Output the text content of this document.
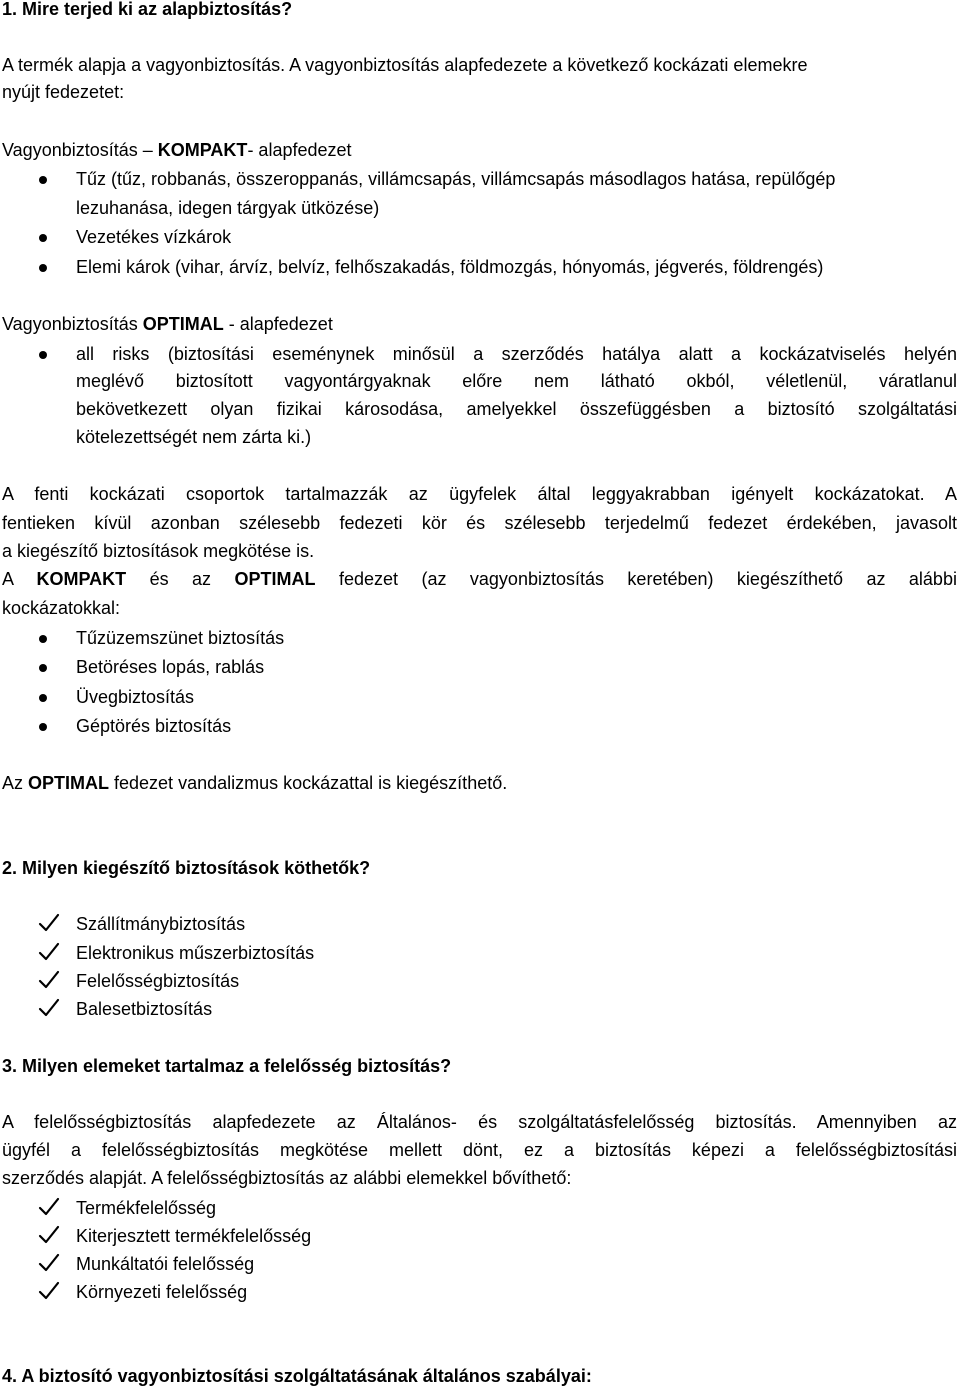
1. Mire terjed ki az alapbiztosítás?
A termék alapja a vagyonbiztosítás. A vagyonbiztosítás alapfedezete a következő kockázati elemekre
nyújt fedezetet:
Vagyonbiztosítás – KOMPAKT- alapfedezet
Tűz (tűz, robbanás, összeroppanás, villámcsapás, villámcsapás másodlagos hatása, repülőgép
lezuhanása, idegen tárgyak ütközése)
Vezetékes vízkárok
Elemi károk (vihar, árvíz, belvíz, felhőszakadás, földmozgás, hónyomás, jégverés, földrengés)
Vagyonbiztosítás OPTIMAL - alapfedezet
all risks (biztosítási eseménynek minősül a szerződés hatálya alatt a kockázatviselés helyén
meglévő biztosított vagyontárgyaknak előre nem látható okból, véletlenül, váratlanul
bekövetkezett olyan fizikai károsodása, amelyekkel összefüggésben a biztosító szolgáltatási
kötelezettségét nem zárta ki.)
A fenti kockázati csoportok tartalmazzák az ügyfelek által leggyakrabban igényelt kockázatokat. A
fentieken kívül azonban szélesebb fedezeti kör és szélesebb terjedelmű fedezet érdekében, javasolt
a kiegészítő biztosítások megkötése is.
A KOMPAKT és az OPTIMAL fedezet (az vagyonbiztosítás keretében) kiegészíthető az alábbi
kockázatokkal:
Tűzüzemszünet biztosítás
Betöréses lopás, rablás
Üvegbiztosítás
Géptörés biztosítás
Az OPTIMAL fedezet vandalizmus kockázattal is kiegészíthető.
2. Milyen kiegészítő biztosítások köthetők?
Szállítmánybiztosítás
Elektronikus műszerbiztosítás
Felelősségbiztosítás
Balesetbiztosítás
3. Milyen elemeket tartalmaz a felelősség biztosítás?
A felelősségbiztosítás alapfedezete az Általános- és szolgáltatásfelelősség biztosítás. Amennyiben az
ügyfél a felelősségbiztosítás megkötése mellett dönt, ez a biztosítás képezi a felelősségbiztosítási
szerződés alapját. A felelősségbiztosítás az alábbi elemekkel bővíthető:
Termékfelelősség
Kiterjesztett termékfelelősség
Munkáltatói felelősség
Környezeti felelősség
4. A biztosító vagyonbiztosítási szolgáltatásának általános szabályai:
